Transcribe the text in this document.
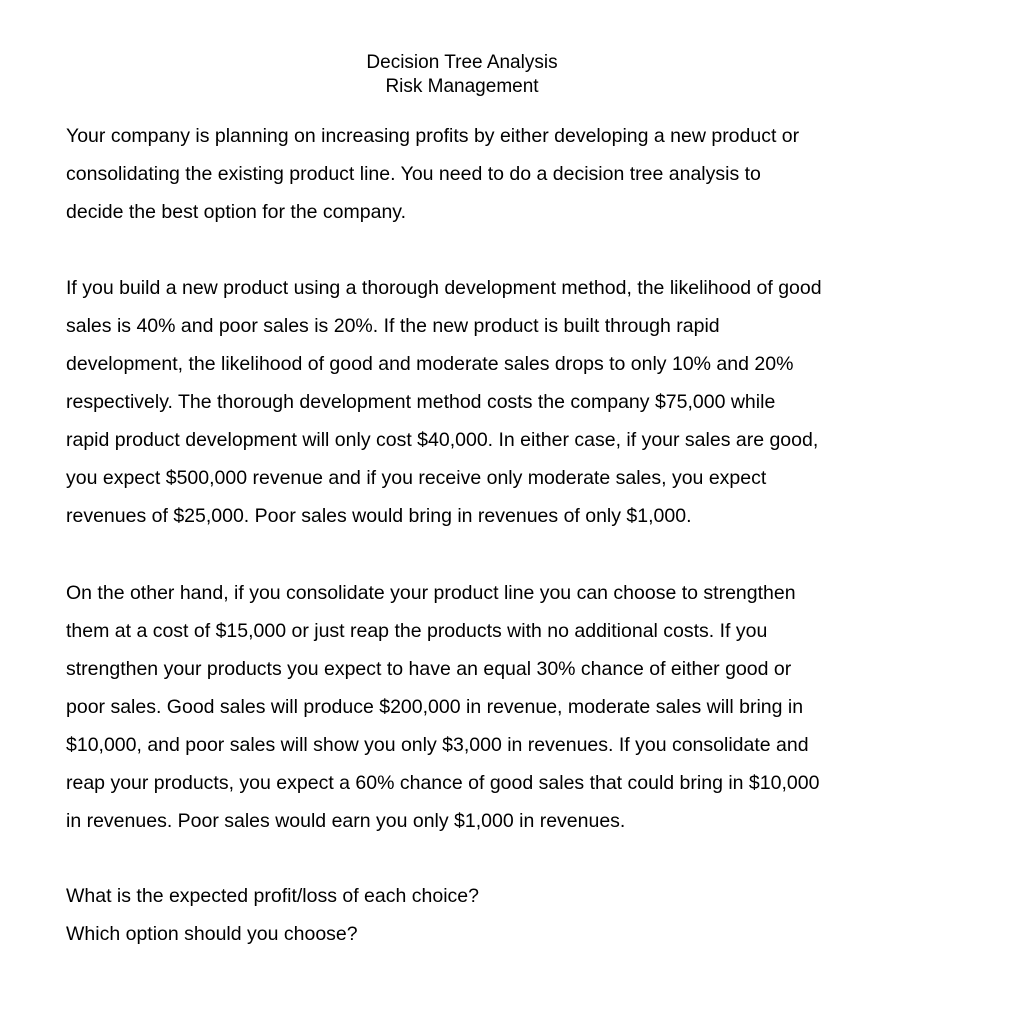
Decision Tree Analysis
Risk Management
Your company is planning on increasing profits by either developing a new product or
consolidating the existing product line. You need to do a decision tree analysis to
decide the best option for the company.
If you build a new product using a thorough development method, the likelihood of good
sales is 40% and poor sales is 20%. If the new product is built through rapid
development, the likelihood of good and moderate sales drops to only 10% and 20%
respectively. The thorough development method costs the company $75,000 while
rapid product development will only cost $40,000. In either case, if your sales are good,
you expect $500,000 revenue and if you receive only moderate sales, you expect
revenues of $25,000. Poor sales would bring in revenues of only $1,000.
On the other hand, if you consolidate your product line you can choose to strengthen
them at a cost of $15,000 or just reap the products with no additional costs. If you
strengthen your products you expect to have an equal 30% chance of either good or
poor sales. Good sales will produce $200,000 in revenue, moderate sales will bring in
$10,000, and poor sales will show you only $3,000 in revenues. If you consolidate and
reap your products, you expect a 60% chance of good sales that could bring in $10,000
in revenues. Poor sales would earn you only $1,000 in revenues.
What is the expected profit/loss of each choice?
Which option should you choose?
